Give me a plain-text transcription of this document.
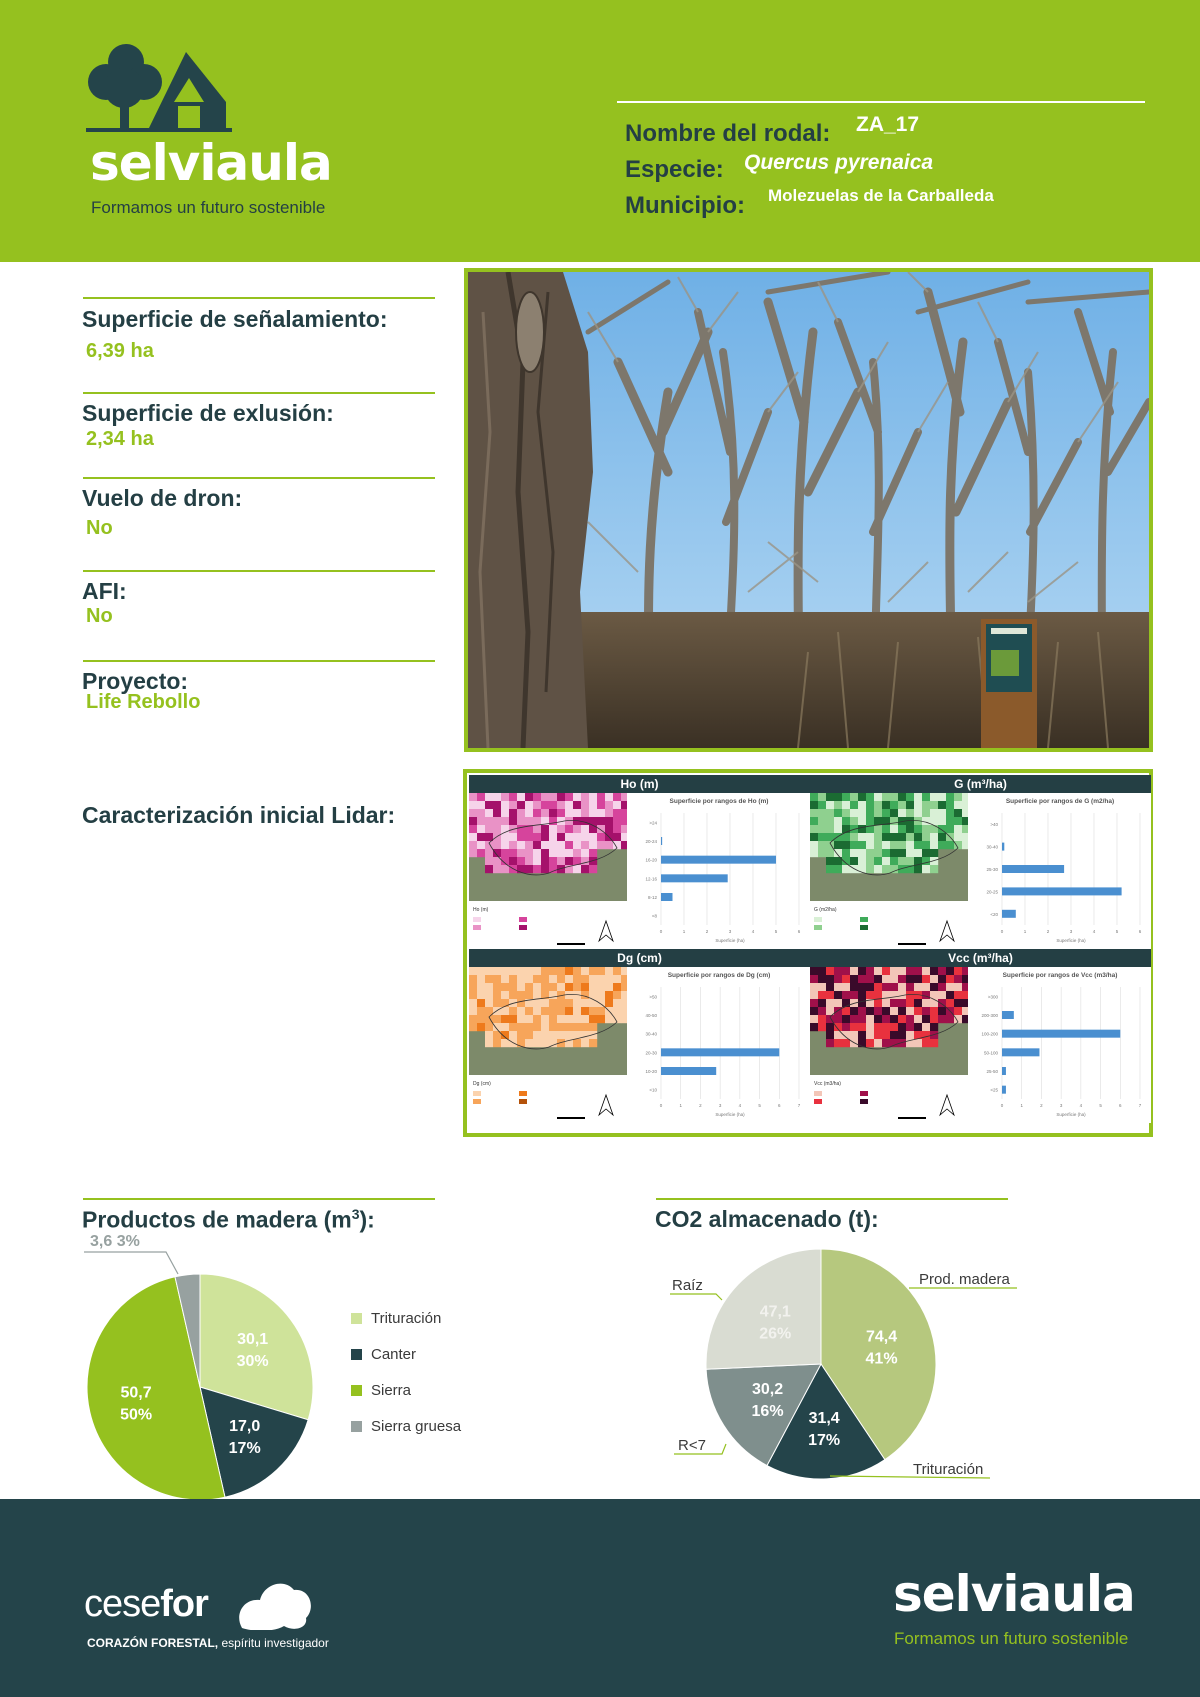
selviaula
Formamos un futuro sostenible
Nombre del rodal: ZA_17
Especie: Quercus pyrenaica
Municipio: Molezuelas de la Carballeda
Superficie de señalamiento:
6,39 ha
Superficie de exlusión:
2,34 ha
Vuelo de dron:
No
AFI:
No
Proyecto:
Life Rebollo
Caracterización inicial Lidar:
Ho (m)
Ho (m)
Superficie por rangos de Ho (m)
0	1	2	3	4	5	6
>24
20-24
16-20
12-16
8-12
<8
Superficie (ha)
G (m³/ha)
G (m2/ha)
Superficie por rangos de G (m2/ha)
0	1	2	3	4	5	6
>40
30-40
25-30
20-25
<20
Superficie (ha)
Dg (cm)
Dg (cm)
Superficie por rangos de Dg (cm)
0	1	2	3	4	5	6	7
>50
40-50
30-40
20-30
10-20
<10
Superficie (ha)
Vcc (m³/ha)
Vcc (m3/ha)
Superficie por rangos de Vcc (m3/ha)
0	1	2	3	4	5	6	7
>300
200-300
100-200
50-100
25-50
<25
Superficie (ha)
Productos de madera $(m^3)$:
30,1
30%
17,0
17%
50,7
50%
3,6 3%
Trituración
Canter
Sierra
Sierra gruesa
CO2 almacenado (t):
74,4
41%
31,4
17%
30,2
16%
47,1
26%
Prod. madera
Trituración
R<7
Raíz
cesefor
CORAZÓN FORESTAL, espíritu investigador
selviaula
Formamos un futuro sostenible
